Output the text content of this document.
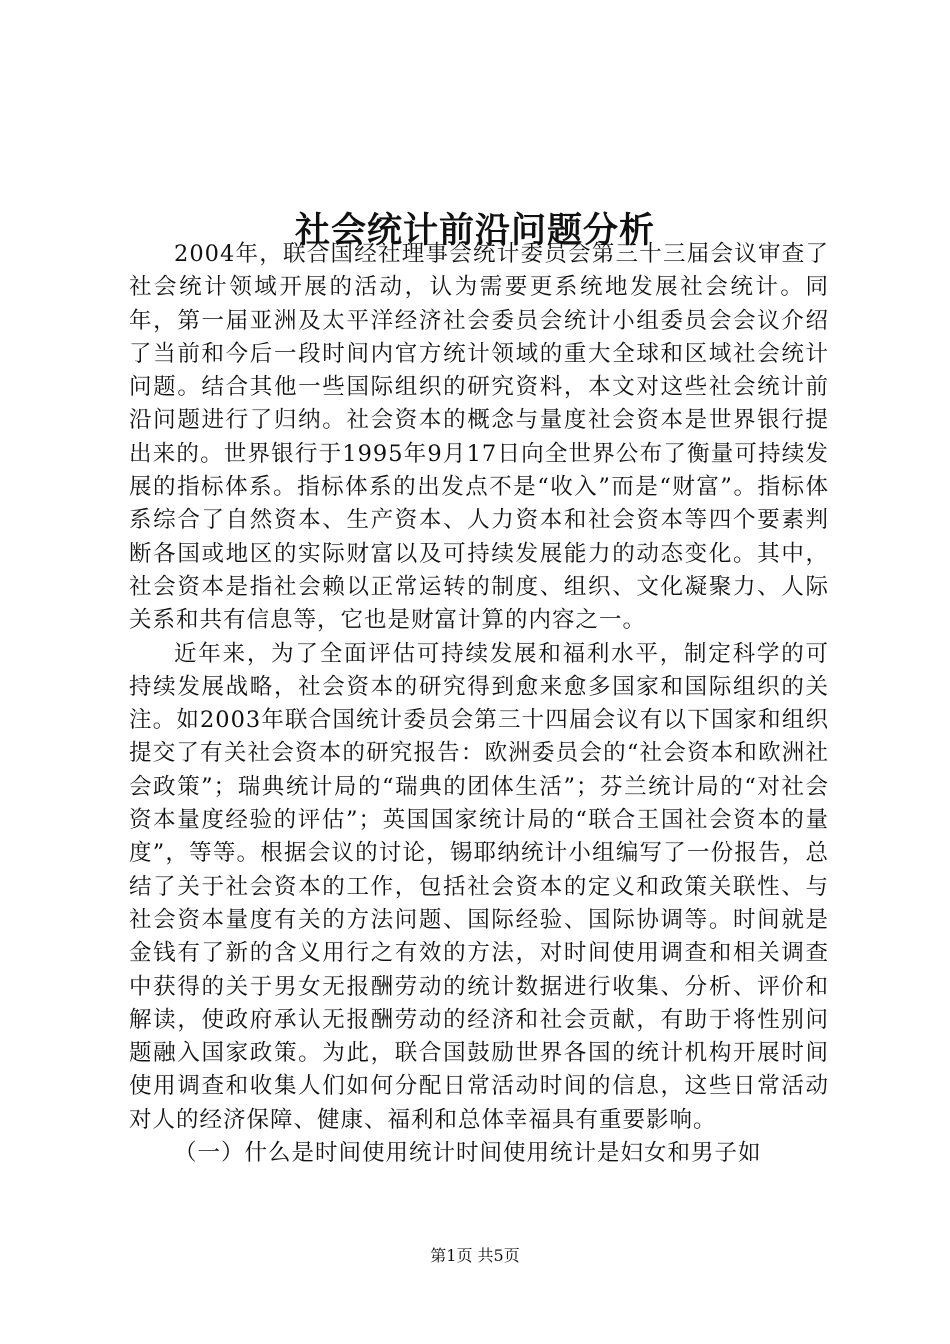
社会统计前沿问题分析

2004年，联合国经社理事会统计委员会第三十三届会议审查了社会统计领域开展的活动，认为需要更系统地发展社会统计。同年，第一届亚洲及太平洋经济社会委员会统计小组委员会会议介绍了当前和今后一段时间内官方统计领域的重大全球和区域社会统计问题。结合其他一些国际组织的研究资料，本文对这些社会统计前沿问题进行了归纳。社会资本的概念与量度社会资本是世界银行提出来的。世界银行于1995年9月17日向全世界公布了衡量可持续发展的指标体系。指标体系的出发点不是“收入”而是“财富”。指标体系综合了自然资本、生产资本、人力资本和社会资本等四个要素判断各国或地区的实际财富以及可持续发展能力的动态变化。其中，社会资本是指社会赖以正常运转的制度、组织、文化凝聚力、人际关系和共有信息等，它也是财富计算的内容之一。

近年来，为了全面评估可持续发展和福利水平，制定科学的可持续发展战略，社会资本的研究得到愈来愈多国家和国际组织的关注。如2003年联合国统计委员会第三十四届会议有以下国家和组织提交了有关社会资本的研究报告：欧洲委员会的“社会资本和欧洲社会政策”；瑞典统计局的“瑞典的团体生活”；芬兰统计局的“对社会资本量度经验的评估”；英国国家统计局的“联合王国社会资本的量度”，等等。根据会议的讨论，锡耶纳统计小组编写了一份报告，总结了关于社会资本的工作，包括社会资本的定义和政策关联性、与社会资本量度有关的方法问题、国际经验、国际协调等。时间就是金钱有了新的含义用行之有效的方法，对时间使用调查和相关调查中获得的关于男女无报酬劳动的统计数据进行收集、分析、评价和解读，使政府承认无报酬劳动的经济和社会贡献，有助于将性别问题融入国家政策。为此，联合国鼓励世界各国的统计机构开展时间使用调查和收集人们如何分配日常活动时间的信息，这些日常活动对人的经济保障、健康、福利和总体幸福具有重要影响。

（一）什么是时间使用统计时间使用统计是妇女和男子如

第1页 共5页
